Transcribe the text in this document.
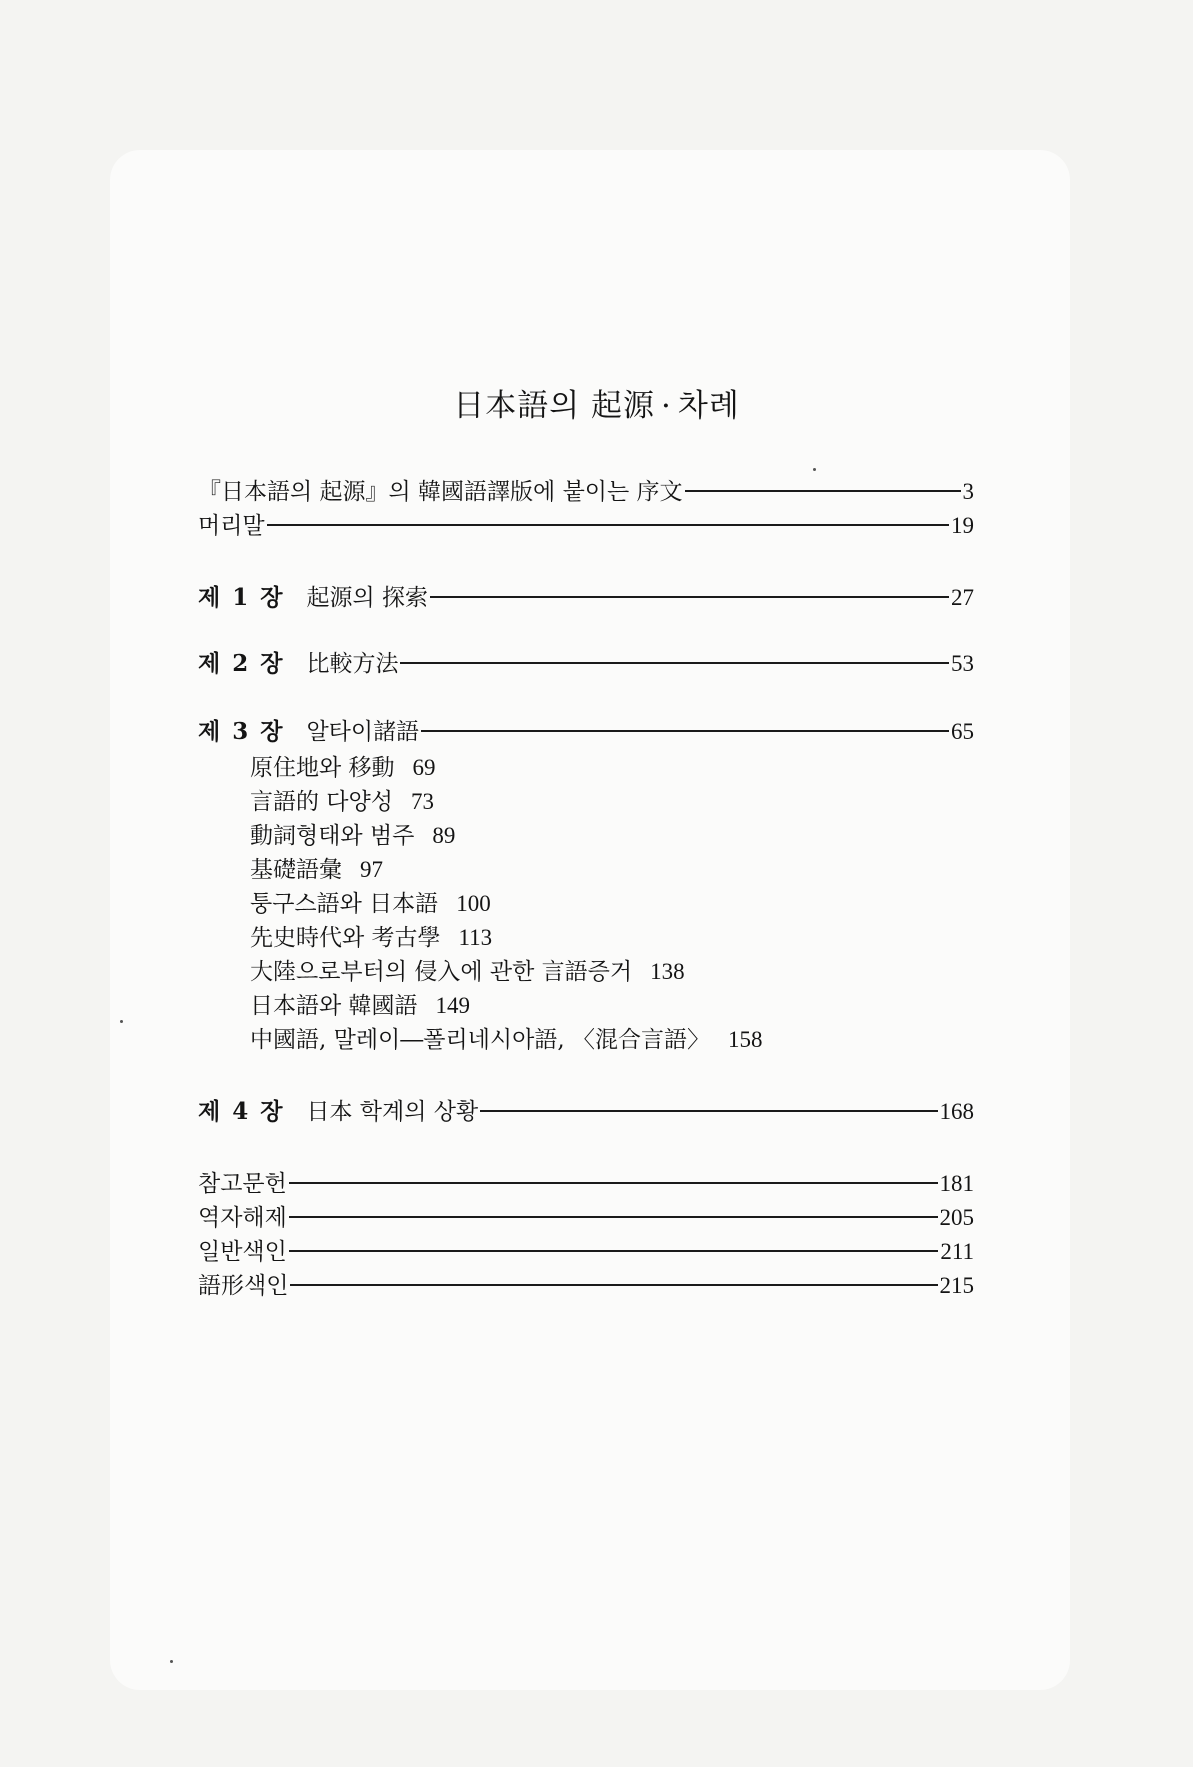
日本語의 起源 · 차례
『日本語의 起源』의 韓國語譯版에 붙이는 序文	3
머리말	19
제 1 장 起源의 探索	27
제 2 장 比較方法	53
제 3 장 알타이諸語	65
原住地와 移動 69
言語的 다양성 73
動詞형태와 범주 89
基礎語彙 97
퉁구스語와 日本語 100
先史時代와 考古學 113
大陸으로부터의 侵入에 관한 言語증거 138
日本語와 韓國語 149
中國語, 말레이―폴리네시아語, 〈混合言語〉 158
제 4 장 日本 학계의 상황	168
참고문헌	181
역자해제	205
일반색인	211
語形색인	215
